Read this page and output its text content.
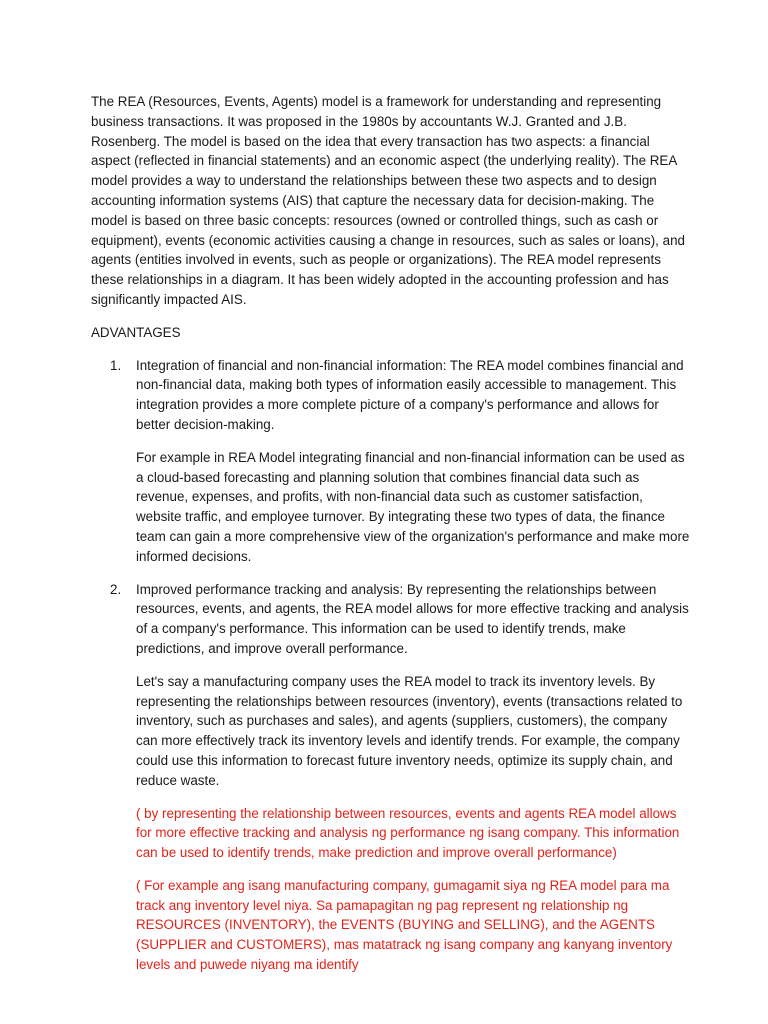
The REA (Resources, Events, Agents) model is a framework for understanding and representing business transactions. It was proposed in the 1980s by accountants W.J. Granted and J.B. Rosenberg. The model is based on the idea that every transaction has two aspects: a financial aspect (reflected in financial statements) and an economic aspect (the underlying reality). The REA model provides a way to understand the relationships between these two aspects and to design accounting information systems (AIS) that capture the necessary data for decision-making. The model is based on three basic concepts: resources (owned or controlled things, such as cash or equipment), events (economic activities causing a change in resources, such as sales or loans), and agents (entities involved in events, such as people or organizations). The REA model represents these relationships in a diagram. It has been widely adopted in the accounting profession and has significantly impacted AIS.

ADVANTAGES

1. Integration of financial and non-financial information: The REA model combines financial and non-financial data, making both types of information easily accessible to management. This integration provides a more complete picture of a company's performance and allows for better decision-making.

For example in REA Model integrating financial and non-financial information can be used as a cloud-based forecasting and planning solution that combines financial data such as revenue, expenses, and profits, with non-financial data such as customer satisfaction, website traffic, and employee turnover. By integrating these two types of data, the finance team can gain a more comprehensive view of the organization's performance and make more informed decisions.

2. Improved performance tracking and analysis: By representing the relationships between resources, events, and agents, the REA model allows for more effective tracking and analysis of a company's performance. This information can be used to identify trends, make predictions, and improve overall performance.

Let's say a manufacturing company uses the REA model to track its inventory levels. By representing the relationships between resources (inventory), events (transactions related to inventory, such as purchases and sales), and agents (suppliers, customers), the company can more effectively track its inventory levels and identify trends. For example, the company could use this information to forecast future inventory needs, optimize its supply chain, and reduce waste.

( by representing the relationship between resources, events and agents REA model allows for more effective tracking and analysis ng performance ng isang company. This information can be used to identify trends, make prediction and improve overall performance)

( For example ang isang manufacturing company, gumagamit siya ng REA model para ma track ang inventory level niya. Sa pamapagitan ng pag represent ng relationship ng RESOURCES (INVENTORY), the EVENTS (BUYING and SELLING), and the AGENTS (SUPPLIER and CUSTOMERS), mas matatrack ng isang company ang kanyang inventory levels and puwede niyang ma identify
